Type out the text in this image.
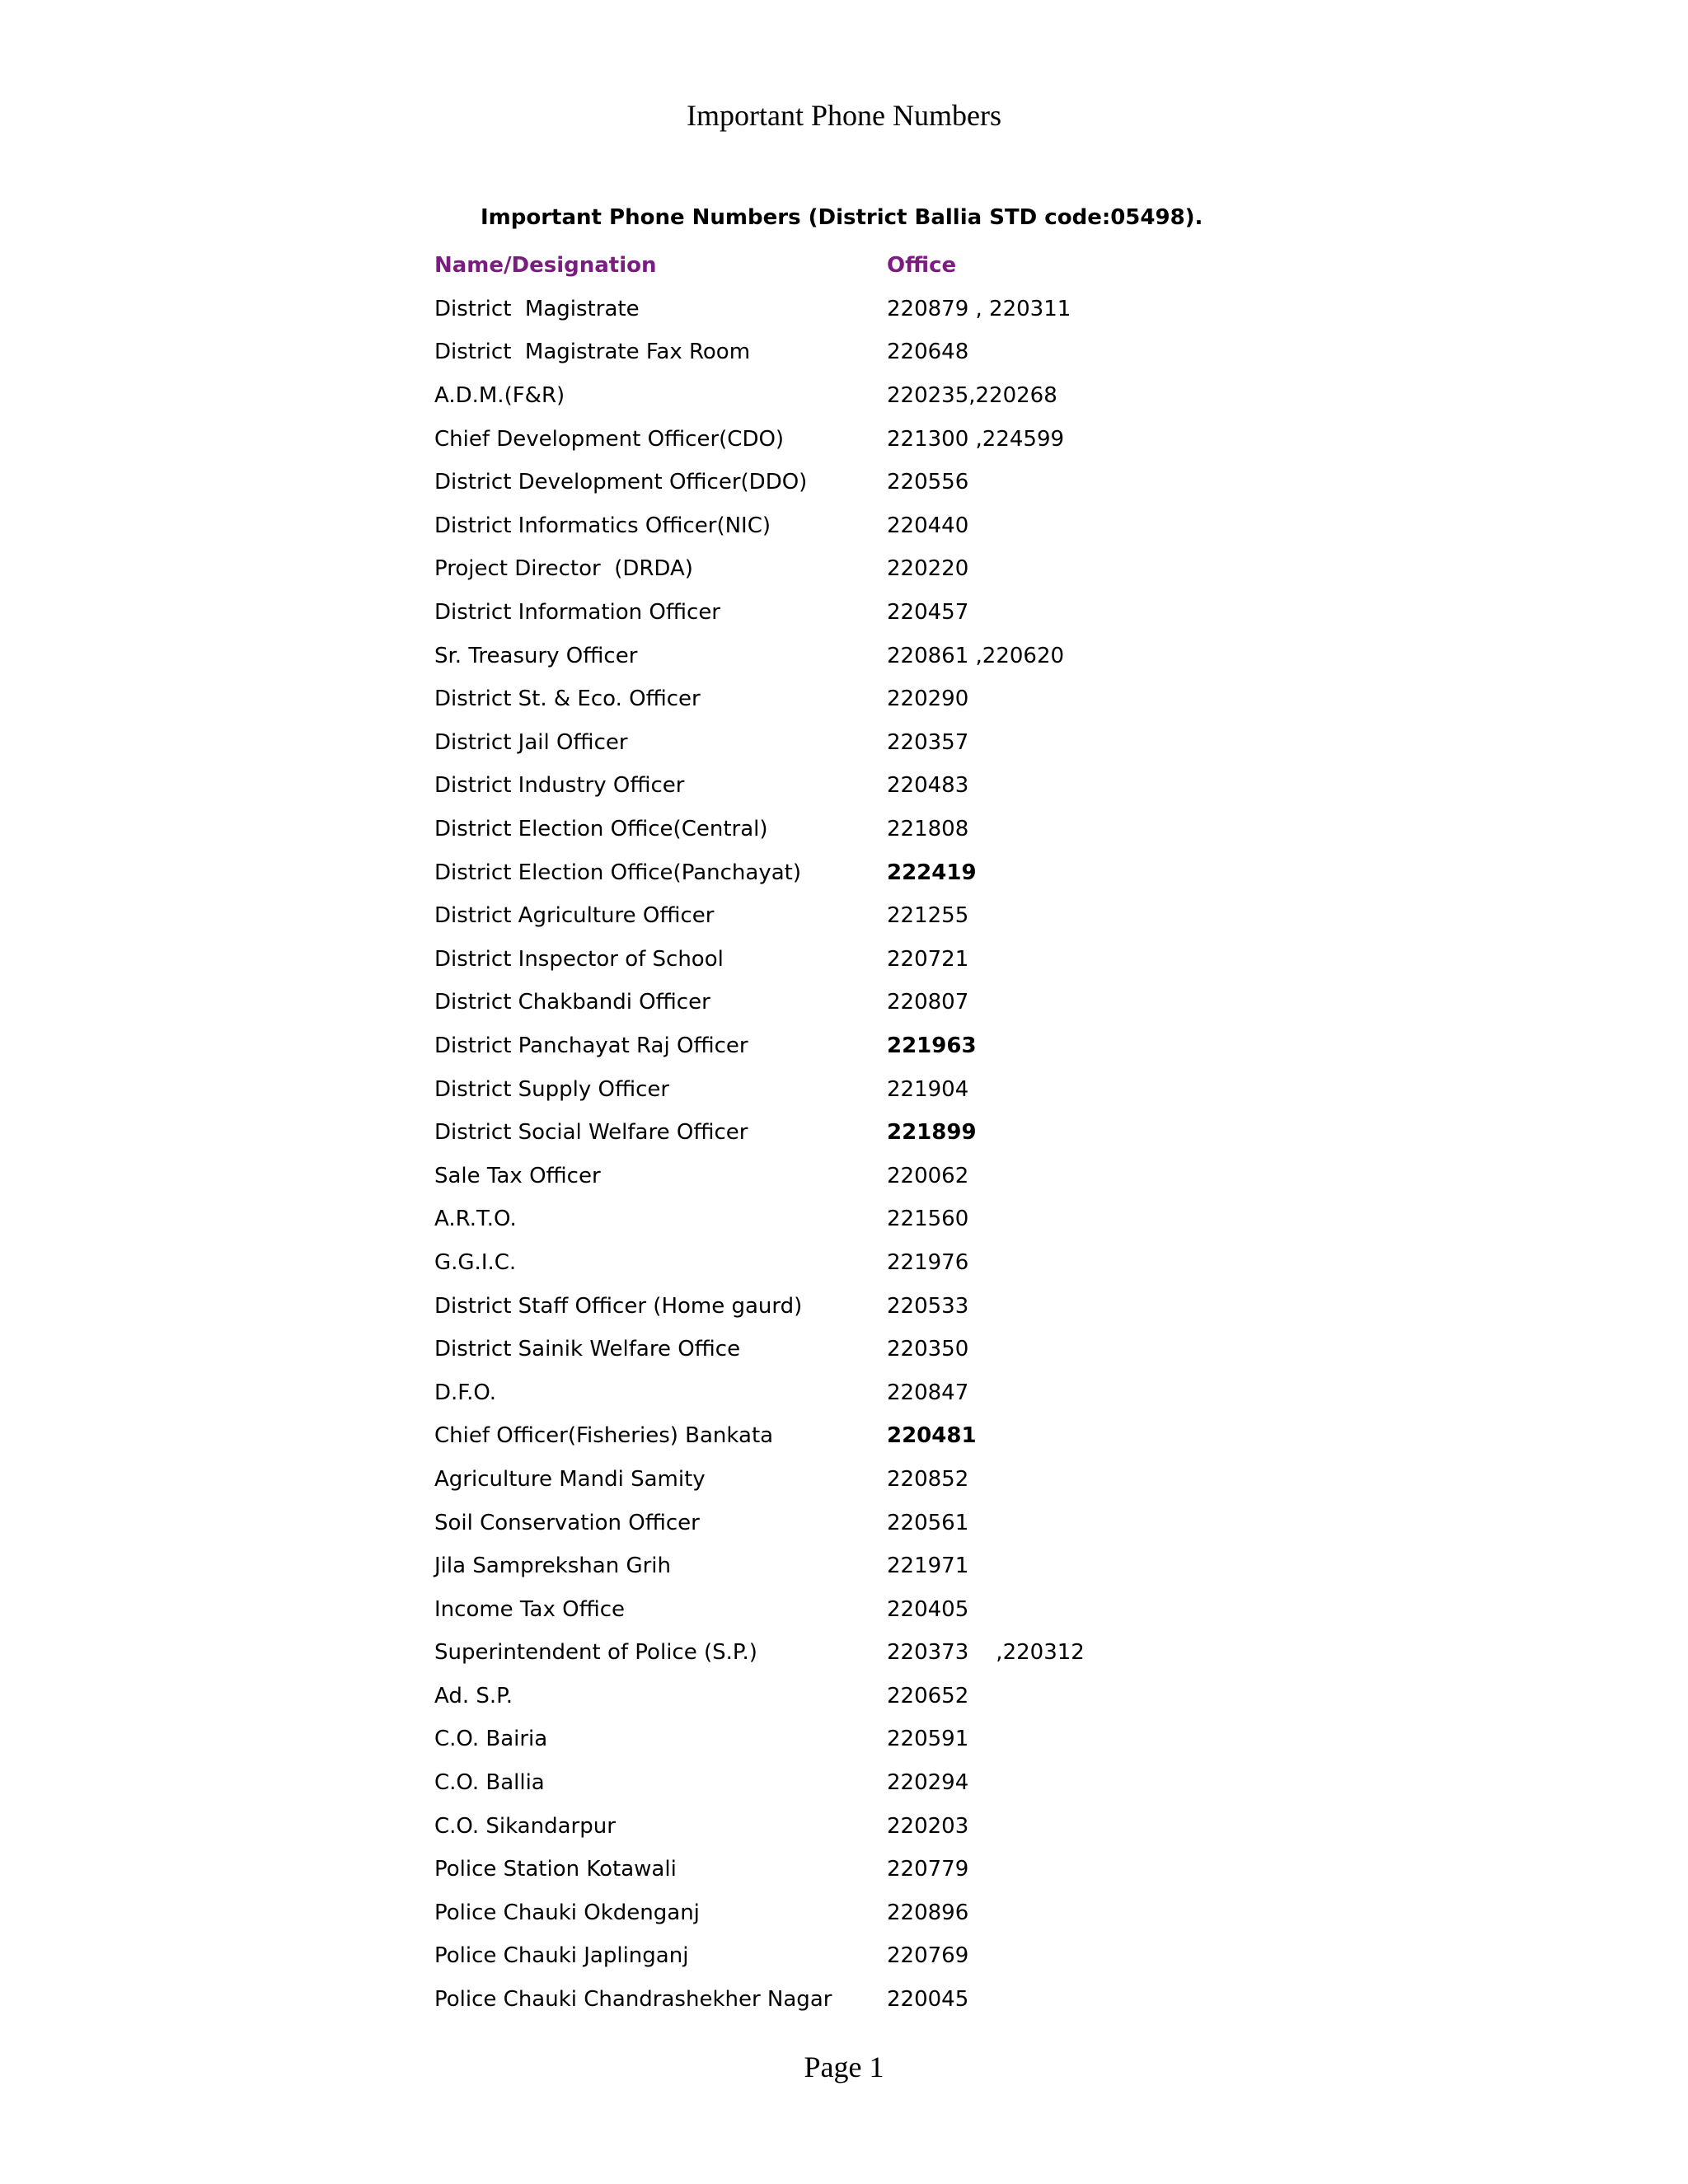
Important Phone Numbers

Important Phone Numbers (District Ballia STD code:05498).

Name/Designation	Office
District  Magistrate	220879 , 220311
District  Magistrate Fax Room	220648
A.D.M.(F&R)	220235,220268
Chief Development Officer(CDO)	221300 ,224599
District Development Officer(DDO)	220556
District Informatics Officer(NIC)	220440
Project Director  (DRDA)	220220
District Information Officer	220457
Sr. Treasury Officer	220861 ,220620
District St. & Eco. Officer	220290
District Jail Officer	220357
District Industry Officer	220483
District Election Office(Central)	221808
District Election Office(Panchayat)	222419
District Agriculture Officer	221255
District Inspector of School	220721
District Chakbandi Officer	220807
District Panchayat Raj Officer	221963
District Supply Officer	221904
District Social Welfare Officer	221899
Sale Tax Officer	220062
A.R.T.O.	221560
G.G.I.C.	221976
District Staff Officer (Home gaurd)	220533
District Sainik Welfare Office	220350
D.F.O.	220847
Chief Officer(Fisheries) Bankata	220481
Agriculture Mandi Samity	220852
Soil Conservation Officer	220561
Jila Samprekshan Grih	221971
Income Tax Office	220405
Superintendent of Police (S.P.)	220373    ,220312
Ad. S.P.	220652
C.O. Bairia	220591
C.O. Ballia	220294
C.O. Sikandarpur	220203
Police Station Kotawali	220779
Police Chauki Okdenganj	220896
Police Chauki Japlinganj	220769
Police Chauki Chandrashekher Nagar	220045

Page 1
